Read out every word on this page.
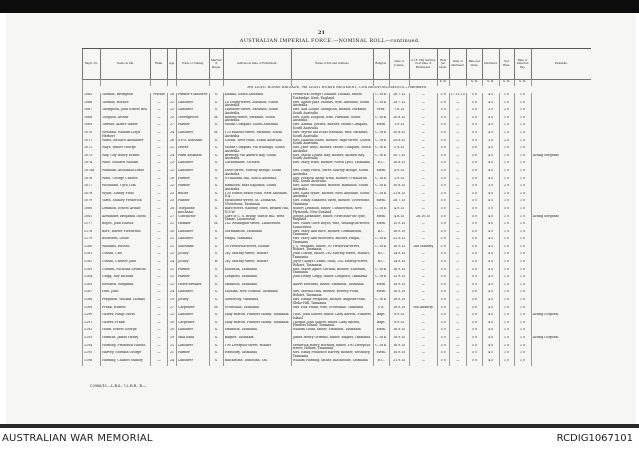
21
AUSTRALIAN IMPERIAL FORCE.—NOMINAL ROLL—continued.
Regtl. No.	Name in full.	Rank.	Age.	Trade or Calling.	Married or Single.	Address at Date of Enlistment.	Name of Kin and Address.	Religion.	Date of Joining.	A.I.F. Unit Serving in at Date of Enlistment.	Rate per Diem.	Date of Allotment.	Rate per Diem.	Allotment.	Net Rate.	Rate of Deferred Pay.	Remarks.
											s. d.		s. d.	s. d.	s. d.	s. d.	
3rd LIGHT HORSE BRIGADE, 9th LIGHT HORSE REGIMENT, 13th REINFORCEMENTS—continued.																	
1065	Thomas, Brompton	Private	28	Farmer's labourer	S.	Kadina, South Australia	Frederick George Goddard Thomas, father, Tonbridge, Kent, England	C. of E.	26.7.15	—	5 0	17.11.15	5 0	4 0	1 0	1 0	
1066	Thomas, Horace	—	22	Labourer	S.	14 Young-street, Adelaide, South Australia	Mrs. Agnes Jane Thomas, wife, Adelaide, South Australia	C. of E.	28.7.15	—	5 0	—	5 0	4 0	1 0	1 0	
1067	Thompson, John Ernest Bell	—	22	Labourer	S.	Lavender-street, Parkside, South Australia	Mrs. Ada Louise Thompson, mother, Parkside, South Australia	Pres.	7.8.15	—	5 0	—	5 0	3 0	2 0	1 0	
1068	Toogood, Arthur	—	25	Greengrocer	M.	Rubens-street, Parkside, South Australia	Mrs. Ellen Toogood, wife, Parkside, South Australia	C. of E.	20.8.15	—	5 0	—	5 0	4 0	1 0	1 0	
1069	Townes, Albert Walter	—	27	Farmer	S.	Mount Compass, South Australia	Mrs. Amelia Townes, mother, Mount Compass, South Australia	Meth.	1.9.15	—	5 0	—	5 0	4 0	1 0	1 0	
1070	Weeland, William Lloyd Herbert	—	24	Labourer	M.	133 Rubens-street, Parkside, South Australia	Mrs. Myrtle Ida Ethel Weeland, wife, Parkside, South Australia	C. of E.	30.8.15	—	5 0	—	5 0	4 0	1 0	1 0	
1071	Watts, Richard Alexander	—	26	S.P.O. assistant	S.	Colton, West Point, South Australia	Mrs. Isabella Watts, mother, High-street, Colton, South Australia	C. of E.	20.8.15	—	5 0	—	5 0	3 0	2 0	1 0	
1072	Ways, Walter George	—	21	Driver	S.	Mount Compass, via Willunga, South Australia	Mrs. Jane Ways, mother, Mount Compass, South Australia	C. of E.	2.9.15	—	5 0	—	5 0	4 0	1 0	1 0	
1073	Way, Guy Henry Ernest	—	24	Farm assistant	S.	Brentley, via Auburn Bay, South Australia	Mrs. Maria Louisa Way, mother, Auburn Bay, South Australia	C. of E.	30.7.15	—	5 0	—	5 0	4 0	1 0	1 0	Acting Sergeant
1074	Wine, Richard William	—	23	Labourer	S.	Castlemaine, Victoria	Mrs. Mary Wine, mother, North Lyell, Tasmania	R.C.	16.8.15	—	5 0	—	5 0	4 0	1 0	1 0	
1075a	Wadham, Archibald Leslie	—	22	Labourer	S.	Olive-street, Murray Bridge, South Australia	Mrs. Daisy Patch, sister, Murray Bridge, South Australia	Meth.	4.9.15	—	5 0	—	5 0	4 0	1 0	1 0	
1076	Winn, George Charles	—	28	Farmer	S.	O'Halloran Hill, South Australia	Mrs. Pearson Annie Winn, mother, O'Halloran Hill, South Australia	C. of E.	2.9.15	—	5 0	—	5 0	4 0	1 0	1 0	
1077	Woodland, Cyril Tom	—	22	Farmer	S.	Hamilton, near Kapunda, South Australia	Mrs. Alice Woodland, mother, Hamilton, South Australia	C. of E.	30.8.15	—	5 0	—	5 0	3 0	2 0	1 0	
1078	Wyatt, Sidney Field	—	25	Butler	S.	130 Hurtle Beach-road, West Adelaide, S.A.	Mrs. Eliza Wyatt, mother, West Adelaide, South Australia	C. of E.	31.8.15	—	5 0	—	5 0	4 0	1 0	1 0	
1079	Yates, Stanley Frederick	—	23	Painter	S.	Melbourne-street, St. Leonards, Ulverstone, Tasmania	Mrs. Emily Elizabeth Yates, mother, Ulverstone, Tasmania	Meth.	26.7.15	—	5 0	—	5 0	4 0	1 0	1 0	
1080	Lemmon, Ernest Arthur	—	28	Telephone mechanic	S.	Bard-street, Railway Town, Broken Hill, N.S.W.	Robert Lemmon, father, Cuthbertson, New Plymouth, New Zealand	C. of E.	4.9.15	—	5 0	—	5 0	5 0	5 0	1 0	
1081	Alexander, Benjamin David	—	27	Contractor	S.	Care of C. S. Brady, Wattle Hill, West Tamar, Launceston	Joseph Alexander, father, Newcastle-on-Tyne, England	Meth.	4.8.15	26.10.15	5 0	—	5 0	4 0	1 0	1 0	Acting Sergeant
1177	Boyes, John Harold	—	21	Hawker	M.	142 Wellington-street, Launceston	Mrs. Hazel Olive Boyes, wife, Wellington-street, Launceston	Meth.	15.9.15	—	5 0	—	5 0	4 0	1 0	1 0	
1178	Bore, Harter Fleetwood	—	20	Labourer	S.	Gormanston, Tasmania	Mrs. Mary Ann Bore, mother, Gormanston, Tasmania	R.C.	16.9.15	—	5 0	—	5 0	4 0	1 0	1 0	
1179	Bosworth, Leslie	—	21	Labourer	S.	Pingal, Tasmania	Mrs. Mary Ann Bosworth, mother, Pingal, Tasmania	C. of E.	22.9.15	—	5 0	—	5 0	4 0	1 0	1 0	
1180	Williams, Russell	—	21	Salesman	S.	30 Frederick-street, Hobart	J. C. Williams, father, 30 Frederick-street, Hobart, Tasmania	C. of E.	16.9.15	2nd Infantry	5 0	—	5 0	4 0	1 0	1 0	
1181	Cousin, Carl	—	22	Jockey	S.	262 Murray-street, Hobart	John Cousin, father, 262 Murray-street, Hobart, Tasmania	R.C.	14.9.15	—	5 0	—	5 0	4 0	1 0	1 0	
1182	Cousin, Chester John	—	24	Jockey	W.	262 Murray-street, Hobart	Joyce Gladys Cousin, child, 262 Murray-street, Hobart, Tasmania	R.C.	14.9.15	—	5 0	—	5 0	4 0	1 0	1 0	
1183	Curtain, Nicholas Levinton	—	21	Farmer	S.	Eldoralin, Tasmania	Mrs. Marie Agnes Curtain, mother, Eldoralin, Tasmania	C. of E.	16.9.15	—	5 0	—	5 0	4 0	1 0	1 0	
1184	Clegg, Roy Richard	—	21	Farmer	S.	Longford, Tasmania	John Henry Clegg, father, Longford, Tasmania	C. of E.	15.9.15	—	5 0	—	5 0	4 0	1 0	1 0	
1185	Edwards, Benjamin	—	22	Horse-breaker	S.	Smithton, Tasmania	Albert Edwards, father, Smithton, Tasmania	Meth.	18.9.15	—	5 0	—	5 0	4 0	1 0	1 0	
1187	Hiss, John	—	24	Labourer	S.	Lachlan, New Norfolk, Tasmania	Mrs. Martha Hiss, mother, Bowery Point, Hobart, Tasmania	Meth.	16.9.15	—	5 0	—	5 0	4 0	1 0	1 0	
1188	Ferguson, William Thomas	—	19	Jockey	S.	Glenorchy, Tasmania	Mrs. Emma Ferguson, mother, Augusta-road, Glebe Hill, Tasmania	C. of E.	18.9.15	—	5 0	—	5 0	4 0	1 0	1 0	
1189	Frank, Wilfred	—	27	Carpenter	M.	Scottsdale, Tasmania	Mrs. Ella Frank, wife, Scottsdale, Tasmania	C.E.	18.9.15	6th Infantry	5 0	—	5 0	4 0	1 0	1 0	
1190	Gunter, Philip David	—	22	Labourer	S.	Lady Barron, Flinders Island, Tasmania	Thos. John Gunter, father, Lady Barron, Flinders Island	Bapt.	8.9.15	—	5 0	—	5 0	4 0	1 0	1 0	Acting Corporal
1191	Gunter, Frank	—	20	Carpenter	S.	Lady Barron, Flinders Island, Tasmania	Thomas John Gunter, father, Lady Barron, Flinders Island, Tasmania	Bapt.	8.9.15	—	5 0	—	5 0	4 0	1 0	1 0	
1192	Grain, Ernest George	—	20	Labourer	S.	Smithton, Tasmania	William Grain, father, Smithton, Tasmania	Meth.	16.9.15	—	5 0	—	5 0	4 0	1 0	1 0	
1193	Griffiths, James Henry	—	19	Milk hand	S.	Bagnet, Tasmania	James Henry Griffiths, father, Bagnet, Tasmania	C. of E.	18.9.15	—	5 0	—	5 0	4 0	1 0	1 0	Acting Corporal
1194	Hornsby, Frederick Harold	—	21	Labourer	S.	190 Liverpool-street, Hobart	Frederick Henry Hornsby, father, 190 Liverpool-street, Hobart, Tasmania	C. of E.	16.9.15	—	5 0	—	5 0	4 0	1 0	1 0	
1195	Harvey, Norman George	—	21	Farmer	S.	Westbury, Tasmania	Mrs. Emily Prudence Harvey, mother, Westbury, Tasmania	Meth.	16.9.15	—	5 0	—	5 0	4 0	1 0	1 0	
1196	Harding, Charles Stanley	—	24	Labourer	S.	Blackstone, Dunorlan, Tas.	William Harding, father, Blackstone, Tasmania	R.C.	21.9.15	—	5 0	—	5 0	4 0	1 0	1 0	
C3986/15.—L.B.S., ?.L.H.R., B.—
AUSTRALIAN WAR MEMORIAL	RCDIG1067101
